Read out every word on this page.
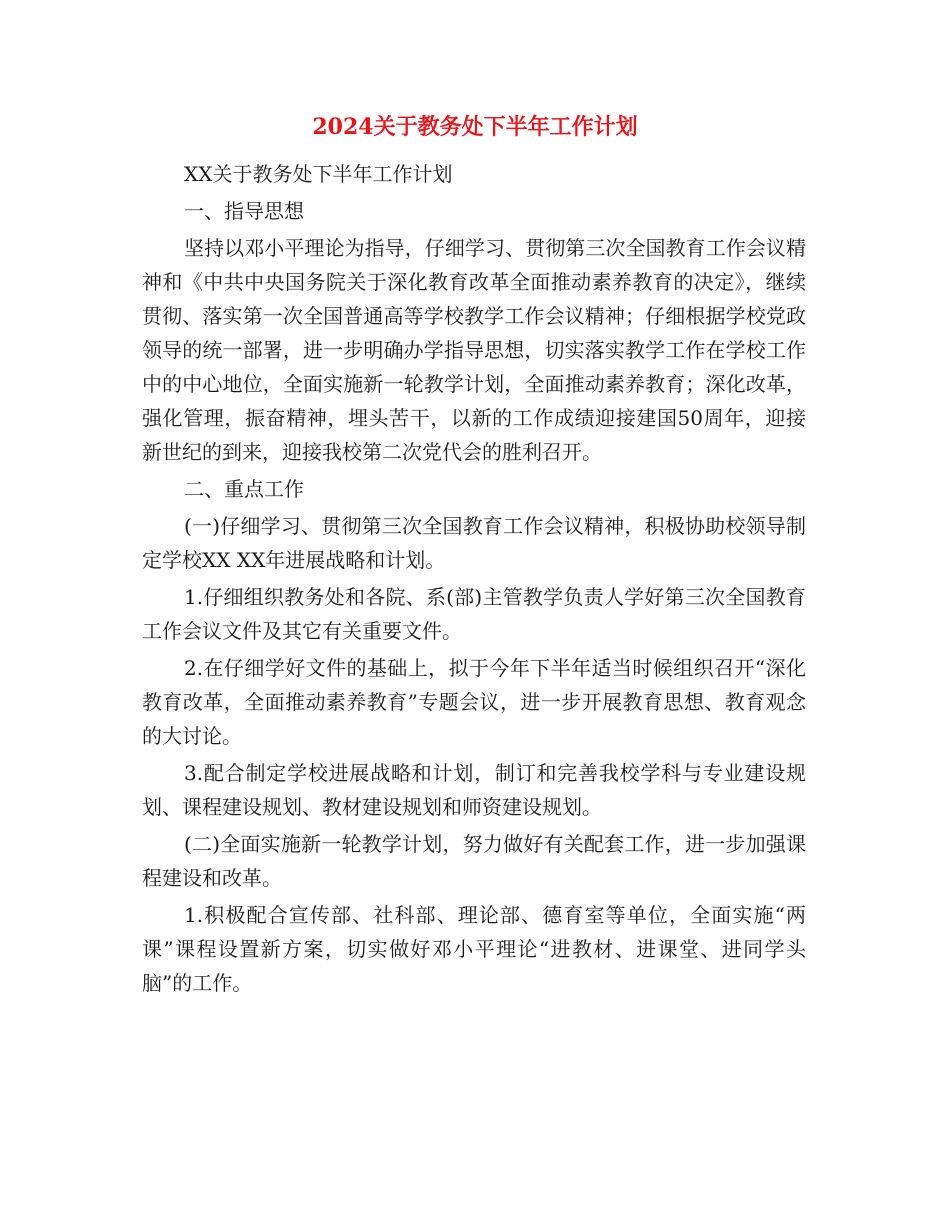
2024关于教务处下半年工作计划

XX关于教务处下半年工作计划

一、指导思想

坚持以邓小平理论为指导，仔细学习、贯彻第三次全国教育工作会议精神和《中共中央国务院关于深化教育改革全面推动素养教育的决定》，继续贯彻、落实第一次全国普通高等学校教学工作会议精神；仔细根据学校党政领导的统一部署，进一步明确办学指导思想，切实落实教学工作在学校工作中的中心地位，全面实施新一轮教学计划，全面推动素养教育；深化改革，强化管理，振奋精神，埋头苦干，以新的工作成绩迎接建国50周年，迎接新世纪的到来，迎接我校第二次党代会的胜利召开。

二、重点工作

(一)仔细学习、贯彻第三次全国教育工作会议精神，积极协助校领导制定学校XX XX年进展战略和计划。

1.仔细组织教务处和各院、系(部)主管教学负责人学好第三次全国教育工作会议文件及其它有关重要文件。

2.在仔细学好文件的基础上，拟于今年下半年适当时候组织召开“深化教育改革，全面推动素养教育”专题会议，进一步开展教育思想、教育观念的大讨论。

3.配合制定学校进展战略和计划，制订和完善我校学科与专业建设规划、课程建设规划、教材建设规划和师资建设规划。

(二)全面实施新一轮教学计划，努力做好有关配套工作，进一步加强课程建设和改革。

1.积极配合宣传部、社科部、理论部、德育室等单位，全面实施“两课”课程设置新方案，切实做好邓小平理论“进教材、进课堂、进同学头脑”的工作。
